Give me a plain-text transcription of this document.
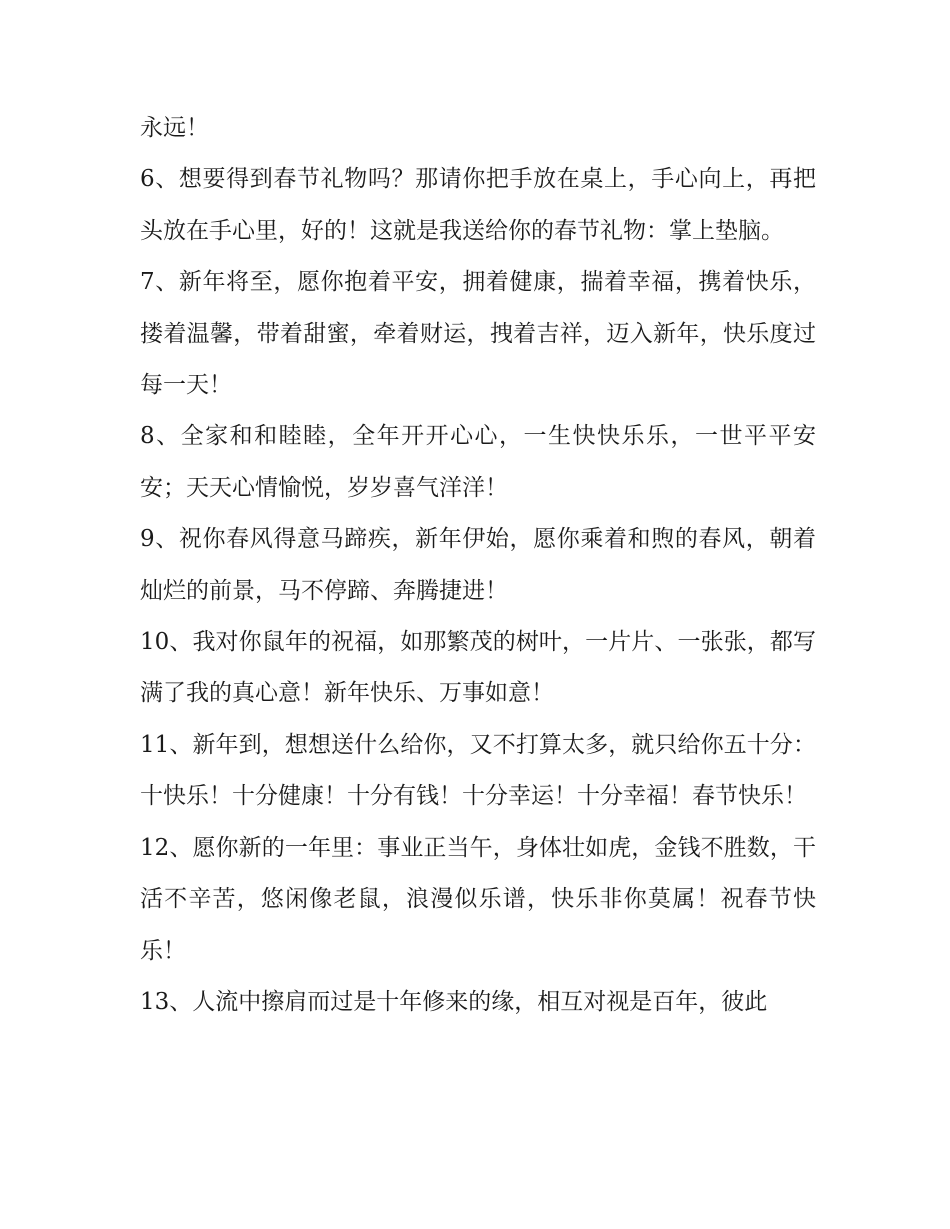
永远！

6、想要得到春节礼物吗？那请你把手放在桌上，手心向上，再把头放在手心里，好的！这就是我送给你的春节礼物：掌上垫脑。

7、新年将至，愿你抱着平安，拥着健康，揣着幸福，携着快乐，搂着温馨，带着甜蜜，牵着财运，拽着吉祥，迈入新年，快乐度过每一天！

8、全家和和睦睦，全年开开心心，一生快快乐乐，一世平平安安；天天心情愉悦，岁岁喜气洋洋！

9、祝你春风得意马蹄疾，新年伊始，愿你乘着和煦的春风，朝着灿烂的前景，马不停蹄、奔腾捷进！

10、我对你鼠年的祝福，如那繁茂的树叶，一片片、一张张，都写满了我的真心意！新年快乐、万事如意！

11、新年到，想想送什么给你，又不打算太多，就只给你五十分：十快乐！十分健康！十分有钱！十分幸运！十分幸福！春节快乐！

12、愿你新的一年里：事业正当午，身体壮如虎，金钱不胜数，干活不辛苦，悠闲像老鼠，浪漫似乐谱，快乐非你莫属！祝春节快乐！

13、人流中擦肩而过是十年修来的缘，相互对视是百年，彼此
